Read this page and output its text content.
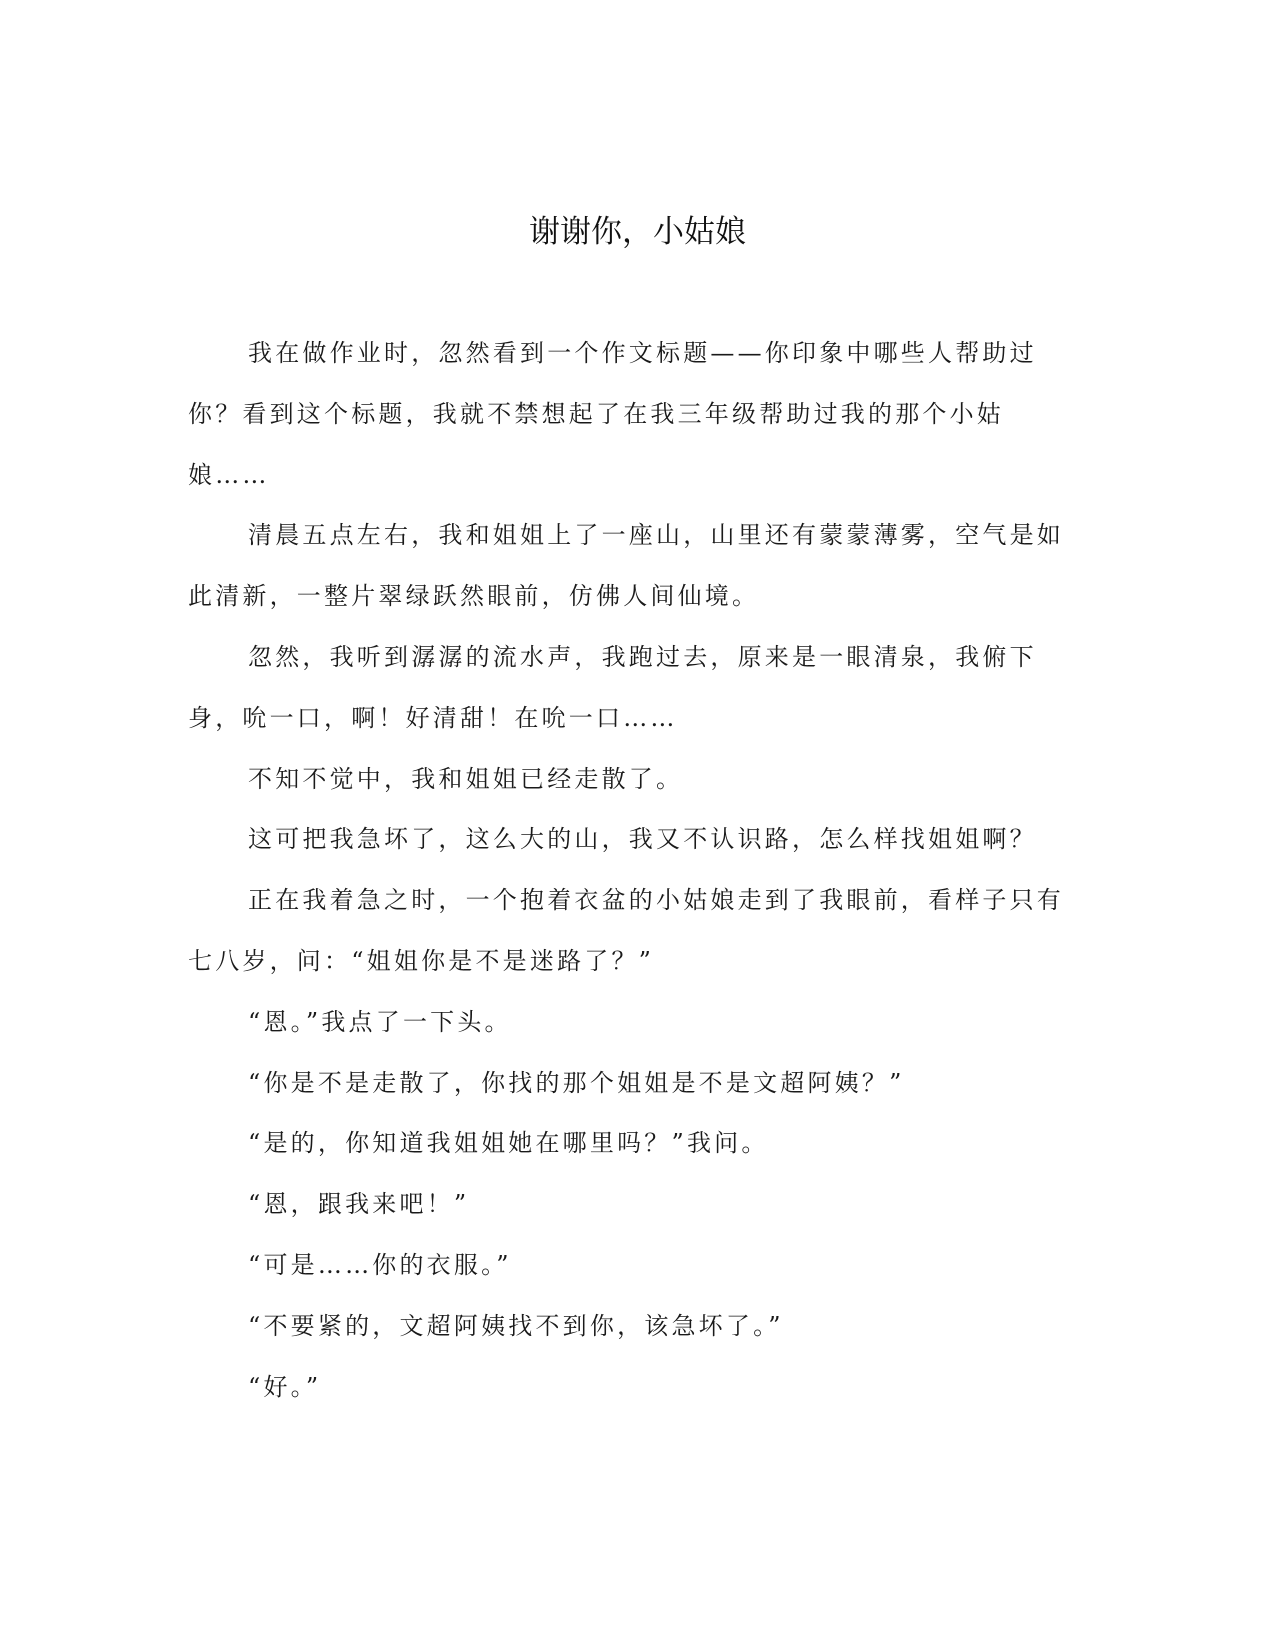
谢谢你，小姑娘

我在做作业时，忽然看到一个作文标题——你印象中哪些人帮助过你？看到这个标题，我就不禁想起了在我三年级帮助过我的那个小姑娘……

清晨五点左右，我和姐姐上了一座山，山里还有蒙蒙薄雾，空气是如此清新，一整片翠绿跃然眼前，仿佛人间仙境。

忽然，我听到潺潺的流水声，我跑过去，原来是一眼清泉，我俯下身，吮一口，啊！好清甜！在吮一口……

不知不觉中，我和姐姐已经走散了。

这可把我急坏了，这么大的山，我又不认识路，怎么样找姐姐啊？

正在我着急之时，一个抱着衣盆的小姑娘走到了我眼前，看样子只有七八岁，问：“姐姐你是不是迷路了？”

“恩。”我点了一下头。

“你是不是走散了，你找的那个姐姐是不是文超阿姨？”

“是的，你知道我姐姐她在哪里吗？”我问。

“恩，跟我来吧！”

“可是……你的衣服。”

“不要紧的，文超阿姨找不到你，该急坏了。”

“好。”
